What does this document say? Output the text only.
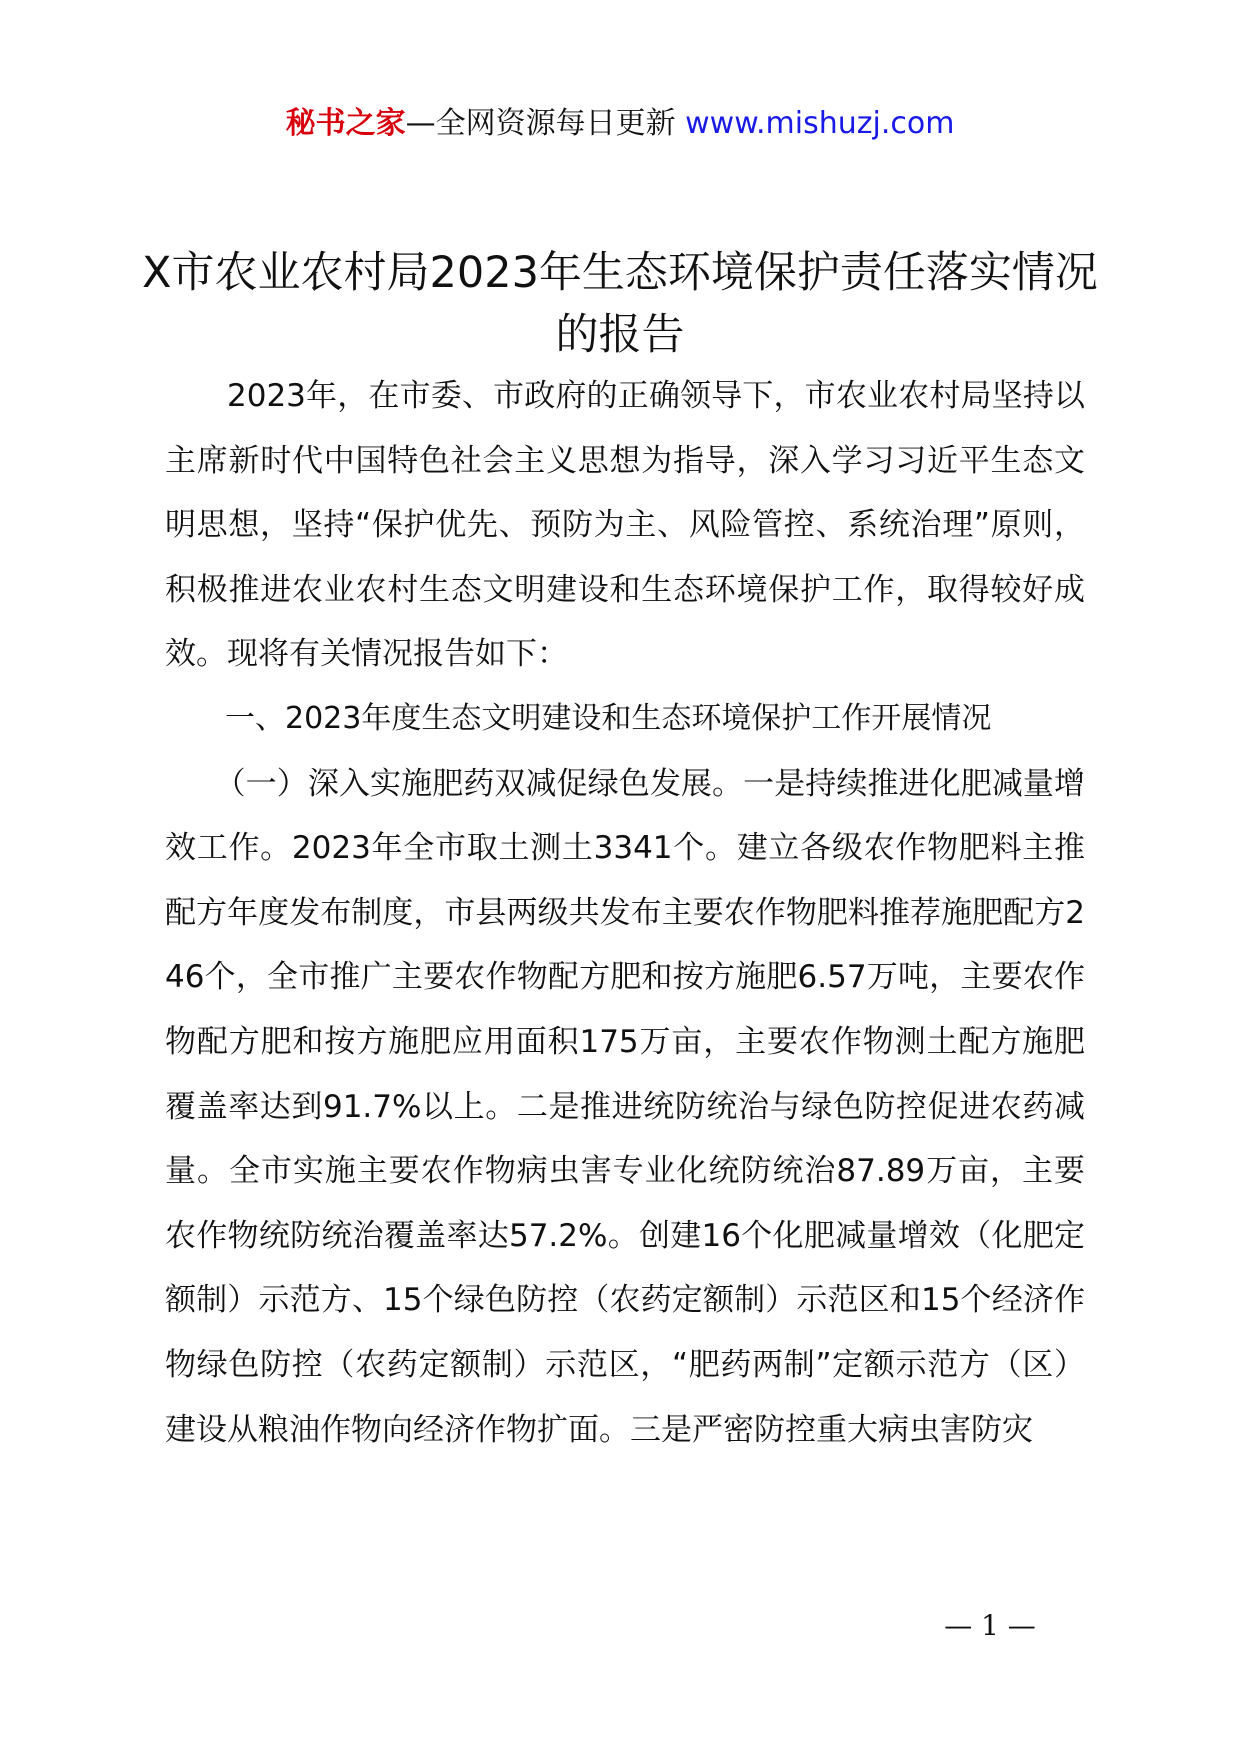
秘书之家—全网资源每日更新 www.mishuzj.com
X市农业农村局2023年生态环境保护责任落实情况的报告

2023年，在市委、市政府的正确领导下，市农业农村局坚持以主席新时代中国特色社会主义思想为指导，深入学习习近平生态文明思想，坚持“保护优先、预防为主、风险管控、系统治理”原则，积极推进农业农村生态文明建设和生态环境保护工作，取得较好成效。现将有关情况报告如下：

一、2023年度生态文明建设和生态环境保护工作开展情况

（一）深入实施肥药双减促绿色发展。一是持续推进化肥减量增效工作。2023年全市取土测土3341个。建立各级农作物肥料主推配方年度发布制度，市县两级共发布主要农作物肥料推荐施肥配方246个，全市推广主要农作物配方肥和按方施肥6.57万吨，主要农作物配方肥和按方施肥应用面积175万亩，主要农作物测土配方施肥覆盖率达到91.7%以上。二是推进统防统治与绿色防控促进农药减量。全市实施主要农作物病虫害专业化统防统治87.89万亩，主要农作物统防统治覆盖率达57.2%。创建16个化肥减量增效（化肥定额制）示范方、15个绿色防控（农药定额制）示范区和15个经济作物绿色防控（农药定额制）示范区，“肥药两制”定额示范方（区）建设从粮油作物向经济作物扩面。三是严密防控重大病虫害防灾

— 1 —
